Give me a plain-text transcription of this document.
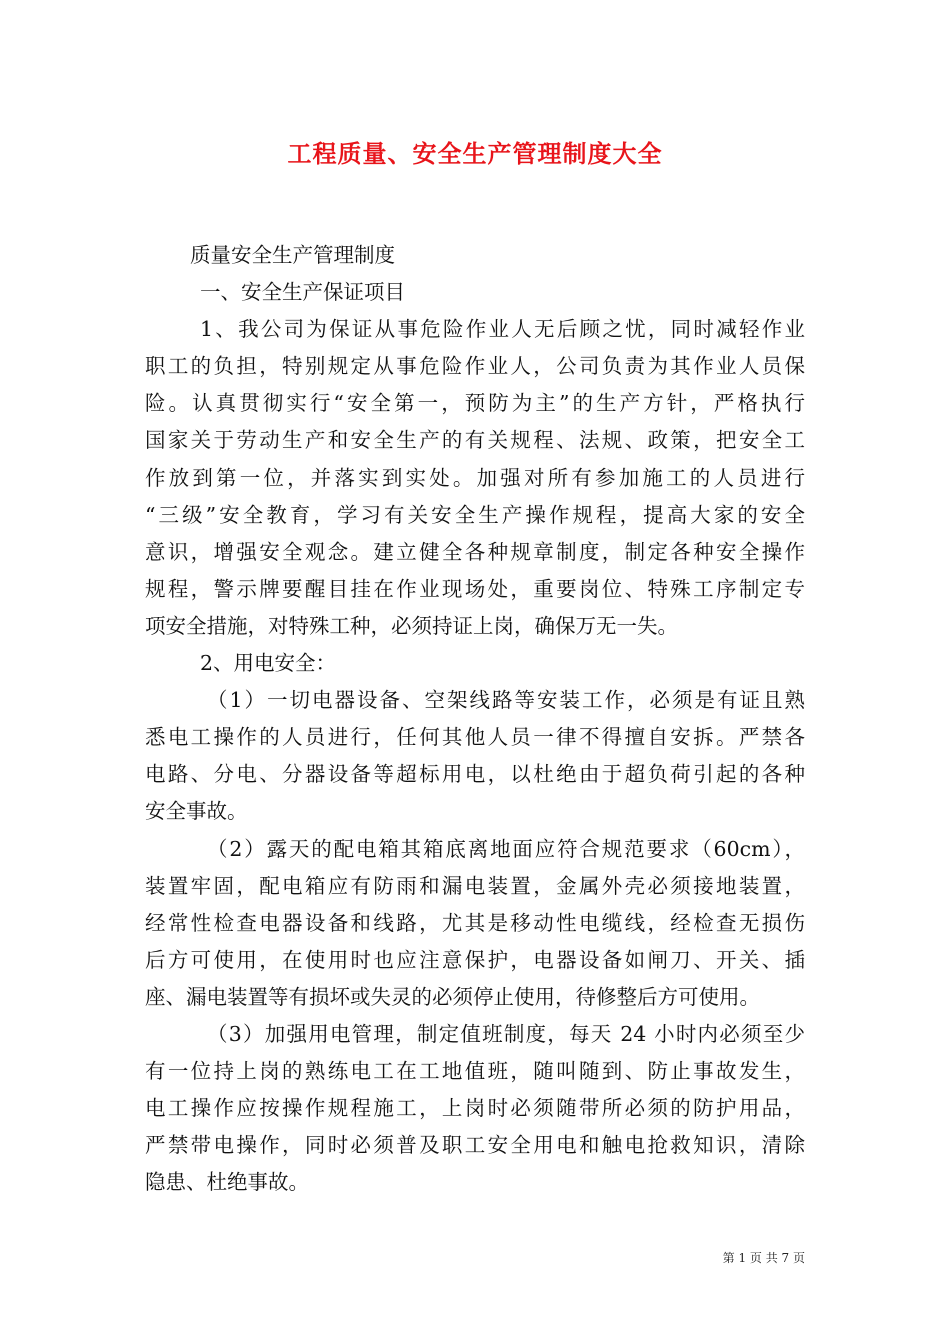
工程质量、安全生产管理制度大全
质量安全生产管理制度
一、安全生产保证项目
1、我公司为保证从事危险作业人无后顾之忧，同时减轻作业
职工的负担，特别规定从事危险作业人，公司负责为其作业人员保
险。认真贯彻实行“安全第一，预防为主”的生产方针，严格执行
国家关于劳动生产和安全生产的有关规程、法规、政策，把安全工
作放到第一位，并落实到实处。加强对所有参加施工的人员进行
“三级”安全教育，学习有关安全生产操作规程，提高大家的安全
意识，增强安全观念。建立健全各种规章制度，制定各种安全操作
规程，警示牌要醒目挂在作业现场处，重要岗位、特殊工序制定专
项安全措施，对特殊工种，必须持证上岗，确保万无一失。
2、用电安全：
（1）一切电器设备、空架线路等安装工作，必须是有证且熟
悉电工操作的人员进行，任何其他人员一律不得擅自安拆。严禁各
电路、分电、分器设备等超标用电，以杜绝由于超负荷引起的各种
安全事故。
（2）露天的配电箱其箱底离地面应符合规范要求（60cm），
装置牢固，配电箱应有防雨和漏电装置，金属外壳必须接地装置，
经常性检查电器设备和线路，尤其是移动性电缆线，经检查无损伤
后方可使用，在使用时也应注意保护，电器设备如闸刀、开关、插
座、漏电装置等有损坏或失灵的必须停止使用，待修整后方可使用。
（3）加强用电管理，制定值班制度，每天 24 小时内必须至少
有一位持上岗的熟练电工在工地值班，随叫随到、防止事故发生，
电工操作应按操作规程施工，上岗时必须随带所必须的防护用品，
严禁带电操作，同时必须普及职工安全用电和触电抢救知识，清除
隐患、杜绝事故。
第 1 页 共 7 页
